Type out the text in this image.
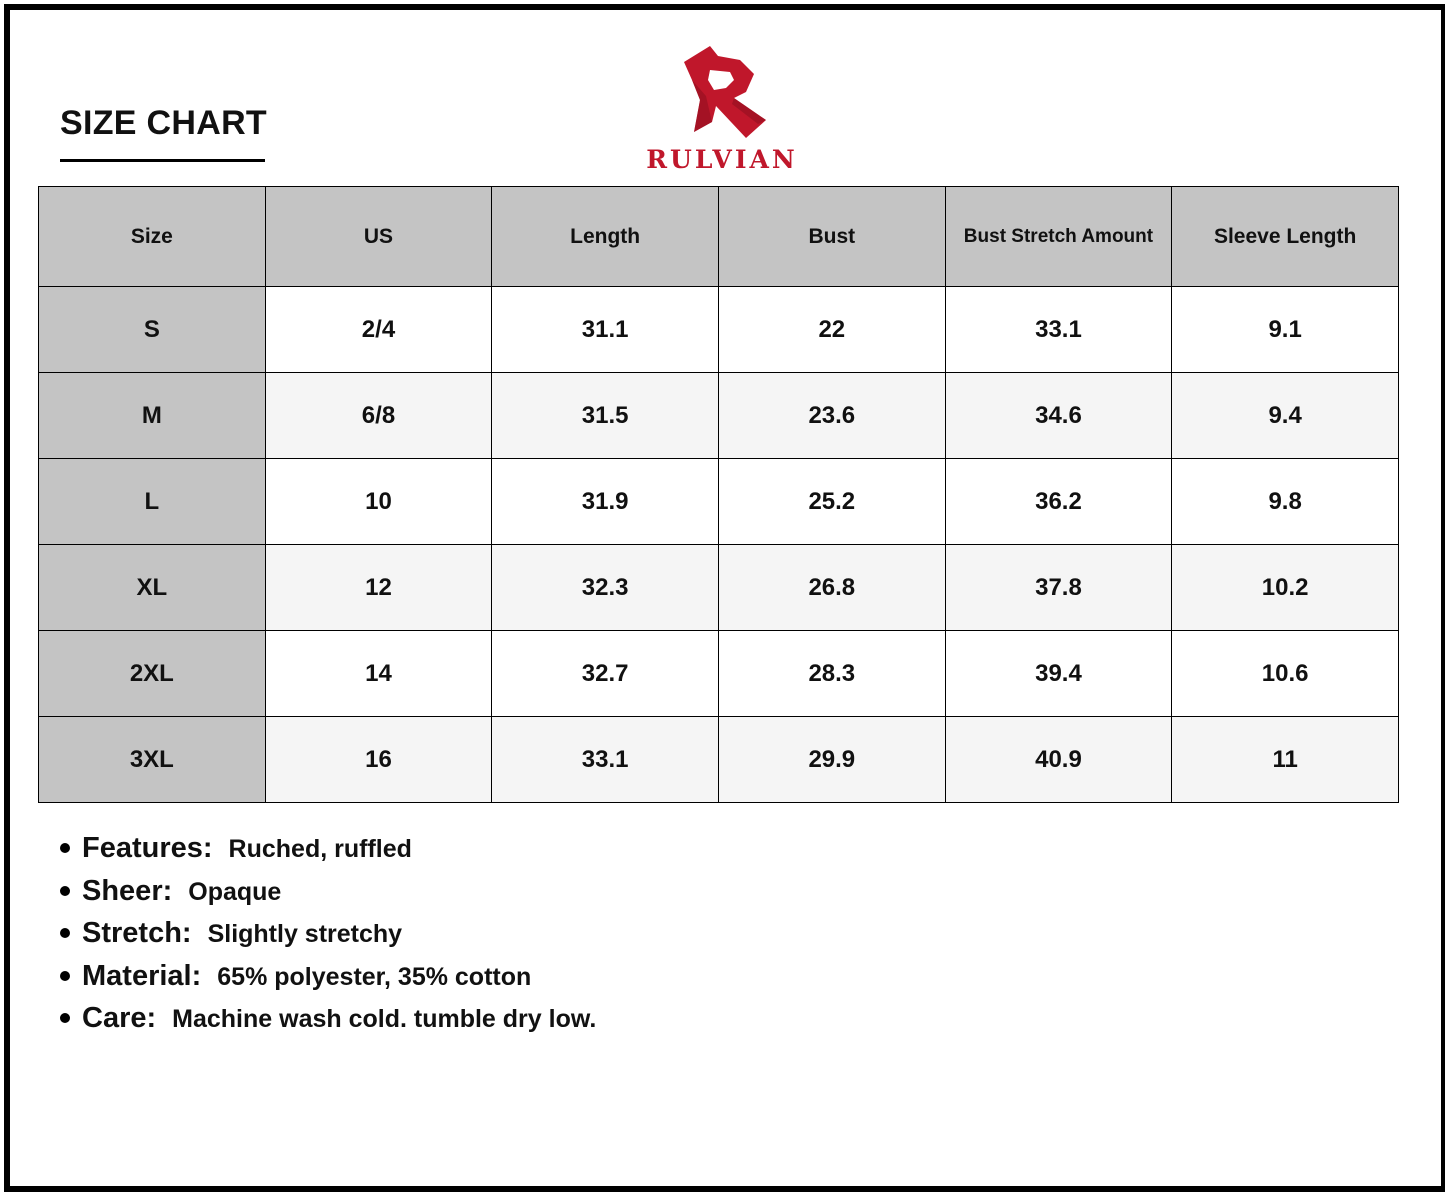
SIZE CHART
RULVIAN
Size	US	Length	Bust	Bust Stretch Amount	Sleeve Length
S	2/4	31.1	22	33.1	9.1
M	6/8	31.5	23.6	34.6	9.4
L	10	31.9	25.2	36.2	9.8
XL	12	32.3	26.8	37.8	10.2
2XL	14	32.7	28.3	39.4	10.6
3XL	16	33.1	29.9	40.9	11
Features: Ruched, ruffled
Sheer: Opaque
Stretch: Slightly stretchy
Material: 65% polyester, 35% cotton
Care: Machine wash cold. tumble dry low.
